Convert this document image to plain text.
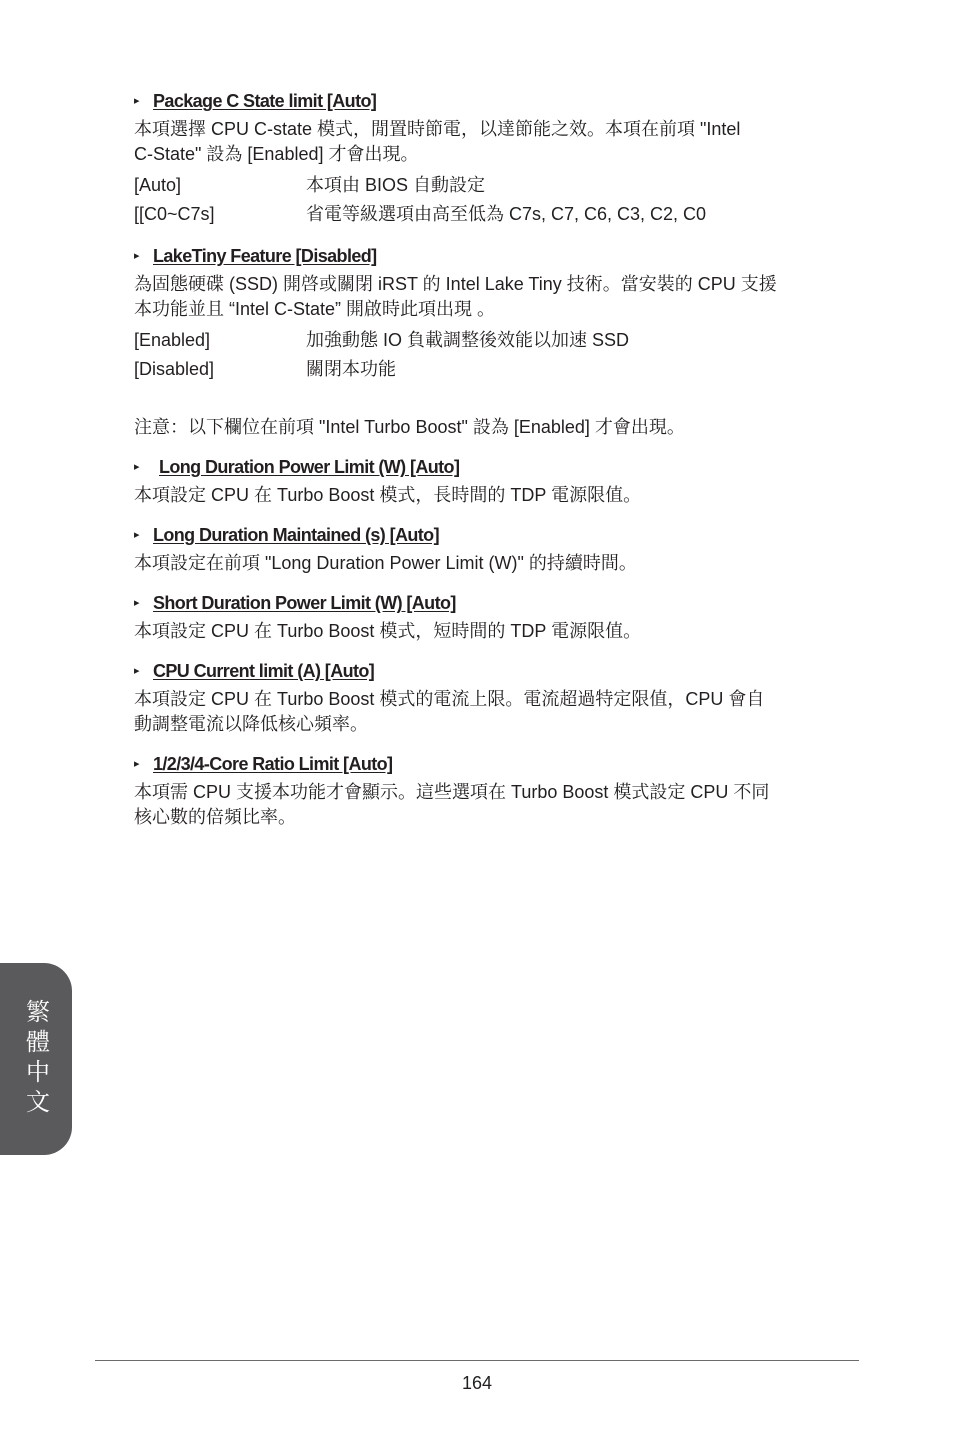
▸ Package C State limit [Auto]
本項選擇 CPU C-state 模式，閒置時節電，以達節能之效。本項在前項 "Intel
C-State" 設為 [Enabled] 才會出現。
[Auto]	本項由 BIOS 自動設定
[[C0~C7s]	省電等級選項由高至低為 C7s, C7, C6, C3, C2, C0
▸ LakeTiny Feature [Disabled]
為固態硬碟 (SSD) 開啓或關閉 iRST 的 Intel Lake Tiny 技術。當安裝的 CPU 支援
本功能並且 “Intel C-State” 開啟時此項出現 。
[Enabled]	加強動態 IO 負載調整後效能以加速 SSD
[Disabled]	關閉本功能
注意：以下欄位在前項 "Intel Turbo Boost" 設為 [Enabled] 才會出現。
▸	Long Duration Power Limit (W) [Auto]
本項設定 CPU 在 Turbo Boost 模式，長時間的 TDP 電源限值。
▸ Long Duration Maintained (s) [Auto]
本項設定在前項 "Long Duration Power Limit (W)" 的持續時間。
▸ Short Duration Power Limit (W) [Auto]
本項設定 CPU 在 Turbo Boost 模式，短時間的 TDP 電源限值。
▸ CPU Current limit (A) [Auto]
本項設定 CPU 在 Turbo Boost 模式的電流上限。電流超過特定限值，CPU 會自
動調整電流以降低核心頻率。
▸ 1/2/3/4-Core Ratio Limit [Auto]
本項需 CPU 支援本功能才會顯示。這些選項在 Turbo Boost 模式設定 CPU 不同
核心數的倍頻比率。
繁體中文
164
